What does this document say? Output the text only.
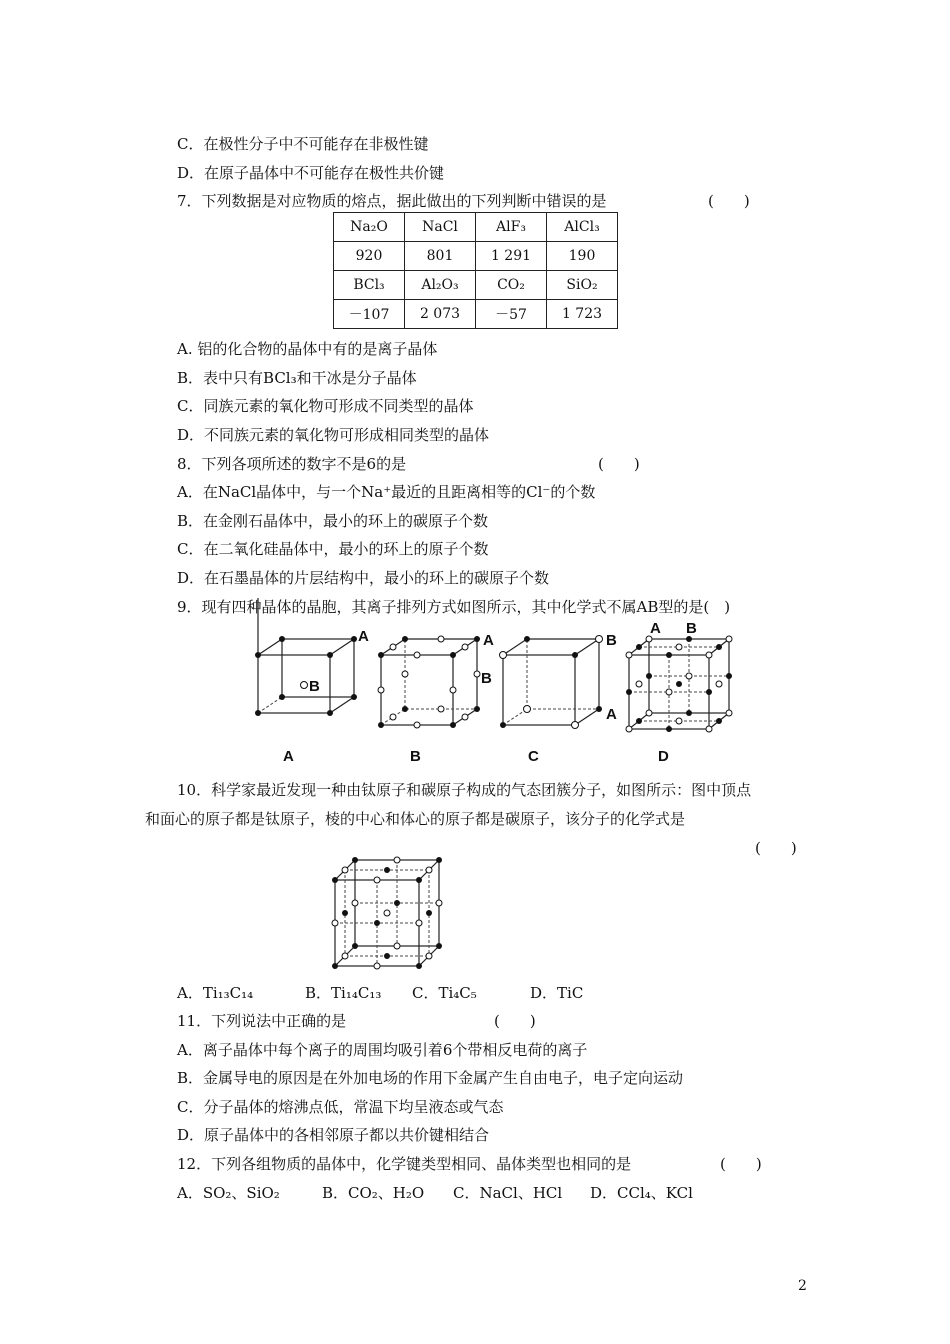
C．在极性分子中不可能存在非极性键
D．在原子晶体中不可能存在极性共价键
7．下列数据是对应物质的熔点，据此做出的下列判断中错误的是	(　　)
Na₂O	NaCl	AlF₃	AlCl₃
920	801	1 291	190
BCl₃	Al₂O₃	CO₂	SiO₂
－107	2 073	－57	1 723
A. 铝的化合物的晶体中有的是离子晶体
B．表中只有BCl₃和干冰是分子晶体
C．同族元素的氧化物可形成不同类型的晶体
D．不同族元素的氧化物可形成相同类型的晶体
8．下列各项所述的数字不是6的是	(　　)
A．在NaCl晶体中，与一个Na⁺最近的且距离相等的Cl⁻的个数
B．在金刚石晶体中，最小的环上的碳原子个数
C．在二氧化硅晶体中，最小的环上的原子个数
D．在石墨晶体的片层结构中，最小的环上的碳原子个数
9．现有四种晶体的晶胞，其离子排列方式如图所示，其中化学式不属AB型的是(　)
A
B
A
A
B
B
B
A
C
A B
D
10．科学家最近发现一种由钛原子和碳原子构成的气态团簇分子，如图所示：图中顶点
和面心的原子都是钛原子，棱的中心和体心的原子都是碳原子，该分子的化学式是
(　　)
A．Ti₁₃C₁₄	B．Ti₁₄C₁₃ C．Ti₄C₅	D．TiC
11．下列说法中正确的是	(　　)
A．离子晶体中每个离子的周围均吸引着6个带相反电荷的离子
B．金属导电的原因是在外加电场的作用下金属产生自由电子，电子定向运动
C．分子晶体的熔沸点低，常温下均呈液态或气态
D．原子晶体中的各相邻原子都以共价键相结合
12．下列各组物质的晶体中，化学键类型相同、晶体类型也相同的是	(　　)
A．SO₂、SiO₂	B．CO₂、H₂O C．NaCl、HCl D．CCl₄、KCl
2
